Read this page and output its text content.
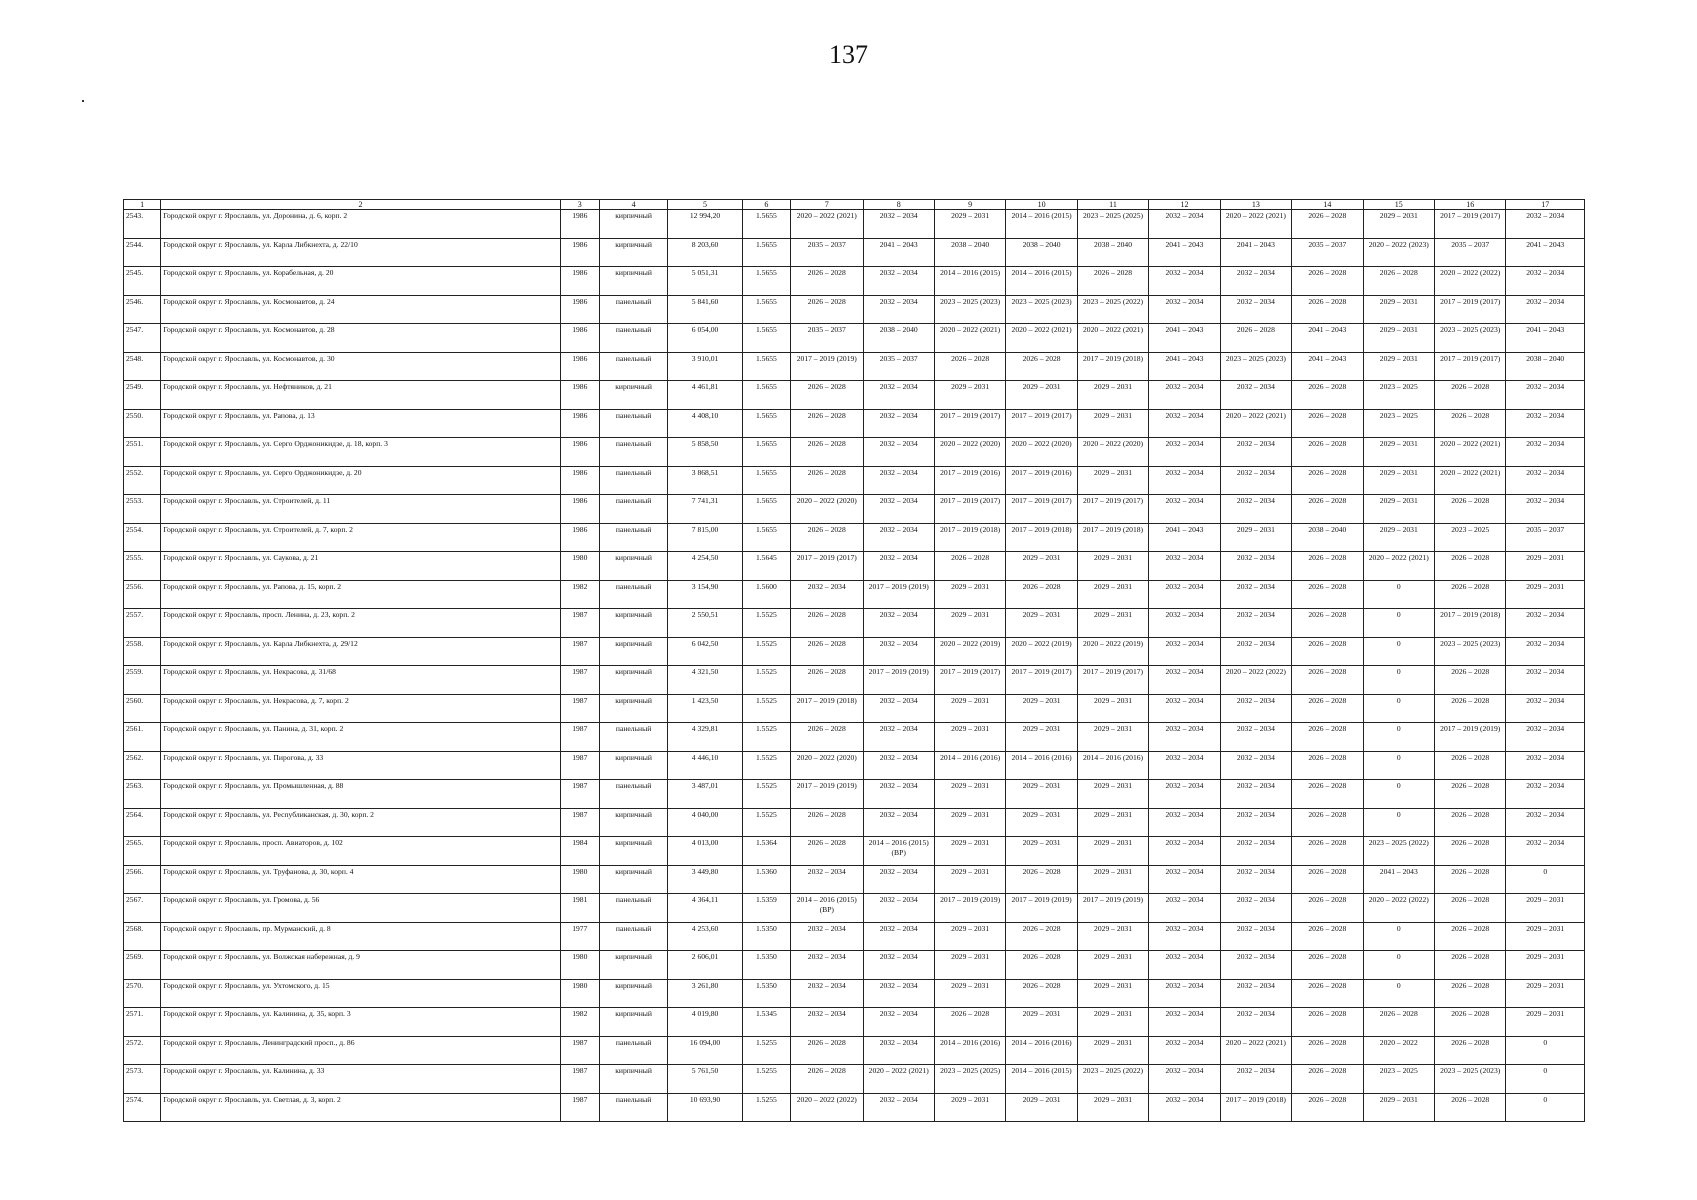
137
1	2	3	4	5	6	7	8	9	10	11	12	13	14	15	16	17
2543.	Городской округ г. Ярославль, ул. Доронина, д. 6, корп. 2	1986	кирпичный	12 994,20	1.5655	2020 – 2022 (2021)	2032 – 2034	2029 – 2031	2014 – 2016 (2015)	2023 – 2025 (2025)	2032 – 2034	2020 – 2022 (2021)	2026 – 2028	2029 – 2031	2017 – 2019 (2017)	2032 – 2034
2544.	Городской округ г. Ярославль, ул. Карла Либкнехта, д. 22/10	1986	кирпичный	8 203,60	1.5655	2035 – 2037	2041 – 2043	2038 – 2040	2038 – 2040	2038 – 2040	2041 – 2043	2041 – 2043	2035 – 2037	2020 – 2022 (2023)	2035 – 2037	2041 – 2043
2545.	Городской округ г. Ярославль, ул. Корабельная, д. 20	1986	кирпичный	5 051,31	1.5655	2026 – 2028	2032 – 2034	2014 – 2016 (2015)	2014 – 2016 (2015)	2026 – 2028	2032 – 2034	2032 – 2034	2026 – 2028	2026 – 2028	2020 – 2022 (2022)	2032 – 2034
2546.	Городской округ г. Ярославль, ул. Космонавтов, д. 24	1986	панельный	5 841,60	1.5655	2026 – 2028	2032 – 2034	2023 – 2025 (2023)	2023 – 2025 (2023)	2023 – 2025 (2022)	2032 – 2034	2032 – 2034	2026 – 2028	2029 – 2031	2017 – 2019 (2017)	2032 – 2034
2547.	Городской округ г. Ярославль, ул. Космонавтов, д. 28	1986	панельный	6 054,00	1.5655	2035 – 2037	2038 – 2040	2020 – 2022 (2021)	2020 – 2022 (2021)	2020 – 2022 (2021)	2041 – 2043	2026 – 2028	2041 – 2043	2029 – 2031	2023 – 2025 (2023)	2041 – 2043
2548.	Городской округ г. Ярославль, ул. Космонавтов, д. 30	1986	панельный	3 910,01	1.5655	2017 – 2019 (2019)	2035 – 2037	2026 – 2028	2026 – 2028	2017 – 2019 (2018)	2041 – 2043	2023 – 2025 (2023)	2041 – 2043	2029 – 2031	2017 – 2019 (2017)	2038 – 2040
2549.	Городской округ г. Ярославль, ул. Нефтяников, д. 21	1986	кирпичный	4 461,81	1.5655	2026 – 2028	2032 – 2034	2029 – 2031	2029 – 2031	2029 – 2031	2032 – 2034	2032 – 2034	2026 – 2028	2023 – 2025	2026 – 2028	2032 – 2034
2550.	Городской округ г. Ярославль, ул. Рапова, д. 13	1986	панельный	4 408,10	1.5655	2026 – 2028	2032 – 2034	2017 – 2019 (2017)	2017 – 2019 (2017)	2029 – 2031	2032 – 2034	2020 – 2022 (2021)	2026 – 2028	2023 – 2025	2026 – 2028	2032 – 2034
2551.	Городской округ г. Ярославль, ул. Серго Орджоникидзе, д. 18, корп. 3	1986	панельный	5 858,50	1.5655	2026 – 2028	2032 – 2034	2020 – 2022 (2020)	2020 – 2022 (2020)	2020 – 2022 (2020)	2032 – 2034	2032 – 2034	2026 – 2028	2029 – 2031	2020 – 2022 (2021)	2032 – 2034
2552.	Городской округ г. Ярославль, ул. Серго Орджоникидзе, д. 20	1986	панельный	3 868,51	1.5655	2026 – 2028	2032 – 2034	2017 – 2019 (2016)	2017 – 2019 (2016)	2029 – 2031	2032 – 2034	2032 – 2034	2026 – 2028	2029 – 2031	2020 – 2022 (2021)	2032 – 2034
2553.	Городской округ г. Ярославль, ул. Строителей, д. 11	1986	панельный	7 741,31	1.5655	2020 – 2022 (2020)	2032 – 2034	2017 – 2019 (2017)	2017 – 2019 (2017)	2017 – 2019 (2017)	2032 – 2034	2032 – 2034	2026 – 2028	2029 – 2031	2026 – 2028	2032 – 2034
2554.	Городской округ г. Ярославль, ул. Строителей, д. 7, корп. 2	1986	панельный	7 815,00	1.5655	2026 – 2028	2032 – 2034	2017 – 2019 (2018)	2017 – 2019 (2018)	2017 – 2019 (2018)	2041 – 2043	2029 – 2031	2038 – 2040	2029 – 2031	2023 – 2025	2035 – 2037
2555.	Городской округ г. Ярославль, ул. Саукова, д. 21	1980	кирпичный	4 254,50	1.5645	2017 – 2019 (2017)	2032 – 2034	2026 – 2028	2029 – 2031	2029 – 2031	2032 – 2034	2032 – 2034	2026 – 2028	2020 – 2022 (2021)	2026 – 2028	2029 – 2031
2556.	Городской округ г. Ярославль, ул. Рапова, д. 15, корп. 2	1982	панельный	3 154,90	1.5600	2032 – 2034	2017 – 2019 (2019)	2029 – 2031	2026 – 2028	2029 – 2031	2032 – 2034	2032 – 2034	2026 – 2028	0	2026 – 2028	2029 – 2031
2557.	Городской округ г. Ярославль, просп. Ленина, д. 23, корп. 2	1987	кирпичный	2 550,51	1.5525	2026 – 2028	2032 – 2034	2029 – 2031	2029 – 2031	2029 – 2031	2032 – 2034	2032 – 2034	2026 – 2028	0	2017 – 2019 (2018)	2032 – 2034
2558.	Городской округ г. Ярославль, ул. Карла Либкнехта, д. 29/12	1987	кирпичный	6 042,50	1.5525	2026 – 2028	2032 – 2034	2020 – 2022 (2019)	2020 – 2022 (2019)	2020 – 2022 (2019)	2032 – 2034	2032 – 2034	2026 – 2028	0	2023 – 2025 (2023)	2032 – 2034
2559.	Городской округ г. Ярославль, ул. Некрасова, д. 31/68	1987	кирпичный	4 321,50	1.5525	2026 – 2028	2017 – 2019 (2019)	2017 – 2019 (2017)	2017 – 2019 (2017)	2017 – 2019 (2017)	2032 – 2034	2020 – 2022 (2022)	2026 – 2028	0	2026 – 2028	2032 – 2034
2560.	Городской округ г. Ярославль, ул. Некрасова, д. 7, корп. 2	1987	кирпичный	1 423,50	1.5525	2017 – 2019 (2018)	2032 – 2034	2029 – 2031	2029 – 2031	2029 – 2031	2032 – 2034	2032 – 2034	2026 – 2028	0	2026 – 2028	2032 – 2034
2561.	Городской округ г. Ярославль, ул. Панина, д. 31, корп. 2	1987	панельный	4 329,81	1.5525	2026 – 2028	2032 – 2034	2029 – 2031	2029 – 2031	2029 – 2031	2032 – 2034	2032 – 2034	2026 – 2028	0	2017 – 2019 (2019)	2032 – 2034
2562.	Городской округ г. Ярославль, ул. Пирогова, д. 33	1987	кирпичный	4 446,10	1.5525	2020 – 2022 (2020)	2032 – 2034	2014 – 2016 (2016)	2014 – 2016 (2016)	2014 – 2016 (2016)	2032 – 2034	2032 – 2034	2026 – 2028	0	2026 – 2028	2032 – 2034
2563.	Городской округ г. Ярославль, ул. Промышленная, д. 88	1987	панельный	3 487,01	1.5525	2017 – 2019 (2019)	2032 – 2034	2029 – 2031	2029 – 2031	2029 – 2031	2032 – 2034	2032 – 2034	2026 – 2028	0	2026 – 2028	2032 – 2034
2564.	Городской округ г. Ярославль, ул. Республиканская, д. 30, корп. 2	1987	кирпичный	4 040,00	1.5525	2026 – 2028	2032 – 2034	2029 – 2031	2029 – 2031	2029 – 2031	2032 – 2034	2032 – 2034	2026 – 2028	0	2026 – 2028	2032 – 2034
2565.	Городской округ г. Ярославль, просп. Авиаторов, д. 102	1984	кирпичный	4 013,00	1.5364	2026 – 2028	2014 – 2016 (2015) (ВР)	2029 – 2031	2029 – 2031	2029 – 2031	2032 – 2034	2032 – 2034	2026 – 2028	2023 – 2025 (2022)	2026 – 2028	2032 – 2034
2566.	Городской округ г. Ярославль, ул. Труфанова, д. 30, корп. 4	1980	кирпичный	3 449,80	1.5360	2032 – 2034	2032 – 2034	2029 – 2031	2026 – 2028	2029 – 2031	2032 – 2034	2032 – 2034	2026 – 2028	2041 – 2043	2026 – 2028	0
2567.	Городской округ г. Ярославль, ул. Громова, д. 56	1981	панельный	4 364,11	1.5359	2014 – 2016 (2015) (ВР)	2032 – 2034	2017 – 2019 (2019)	2017 – 2019 (2019)	2017 – 2019 (2019)	2032 – 2034	2032 – 2034	2026 – 2028	2020 – 2022 (2022)	2026 – 2028	2029 – 2031
2568.	Городской округ г. Ярославль, пр. Мурманский, д. 8	1977	панельный	4 253,60	1.5350	2032 – 2034	2032 – 2034	2029 – 2031	2026 – 2028	2029 – 2031	2032 – 2034	2032 – 2034	2026 – 2028	0	2026 – 2028	2029 – 2031
2569.	Городской округ г. Ярославль, ул. Волжская набережная, д. 9	1980	кирпичный	2 606,01	1.5350	2032 – 2034	2032 – 2034	2029 – 2031	2026 – 2028	2029 – 2031	2032 – 2034	2032 – 2034	2026 – 2028	0	2026 – 2028	2029 – 2031
2570.	Городской округ г. Ярославль, ул. Ухтомского, д. 15	1980	кирпичный	3 261,80	1.5350	2032 – 2034	2032 – 2034	2029 – 2031	2026 – 2028	2029 – 2031	2032 – 2034	2032 – 2034	2026 – 2028	0	2026 – 2028	2029 – 2031
2571.	Городской округ г. Ярославль, ул. Калинина, д. 35, корп. 3	1982	кирпичный	4 019,80	1.5345	2032 – 2034	2032 – 2034	2026 – 2028	2029 – 2031	2029 – 2031	2032 – 2034	2032 – 2034	2026 – 2028	2026 – 2028	2026 – 2028	2029 – 2031
2572.	Городской округ г. Ярославль, Ленинградский просп., д. 86	1987	панельный	16 094,00	1.5255	2026 – 2028	2032 – 2034	2014 – 2016 (2016)	2014 – 2016 (2016)	2029 – 2031	2032 – 2034	2020 – 2022 (2021)	2026 – 2028	2020 – 2022	2026 – 2028	0
2573.	Городской округ г. Ярославль, ул. Калинина, д. 33	1987	кирпичный	5 761,50	1.5255	2026 – 2028	2020 – 2022 (2021)	2023 – 2025 (2025)	2014 – 2016 (2015)	2023 – 2025 (2022)	2032 – 2034	2032 – 2034	2026 – 2028	2023 – 2025	2023 – 2025 (2023)	0
2574.	Городской округ г. Ярославль, ул. Светлая, д. 3, корп. 2	1987	панельный	10 693,90	1.5255	2020 – 2022 (2022)	2032 – 2034	2029 – 2031	2029 – 2031	2029 – 2031	2032 – 2034	2017 – 2019 (2018)	2026 – 2028	2029 – 2031	2026 – 2028	0
